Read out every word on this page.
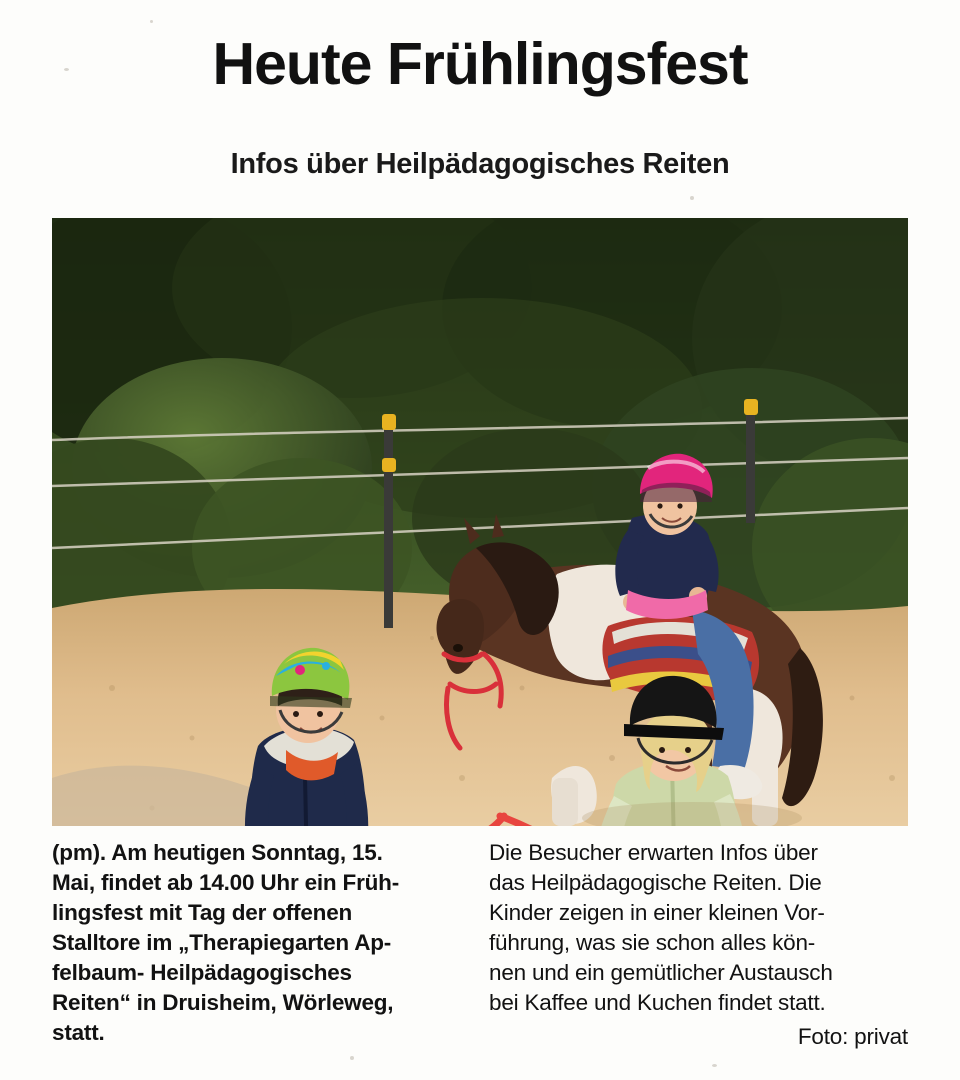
Heute Frühlingsfest
Infos über Heilpädagogisches Reiten

(pm). Am heutigen Sonntag, 15.
Mai, findet ab 14.00 Uhr ein Früh-
lingsfest mit Tag der offenen
Stalltore im „Therapiegarten Ap-
felbaum- Heilpädagogisches
Reiten“ in Druisheim, Wörleweg,
statt.

Die Besucher erwarten Infos über
das Heilpädagogische Reiten. Die
Kinder zeigen in einer kleinen Vor-
führung, was sie schon alles kön-
nen und ein gemütlicher Austausch
bei Kaffee und Kuchen findet statt.

Foto: privat
